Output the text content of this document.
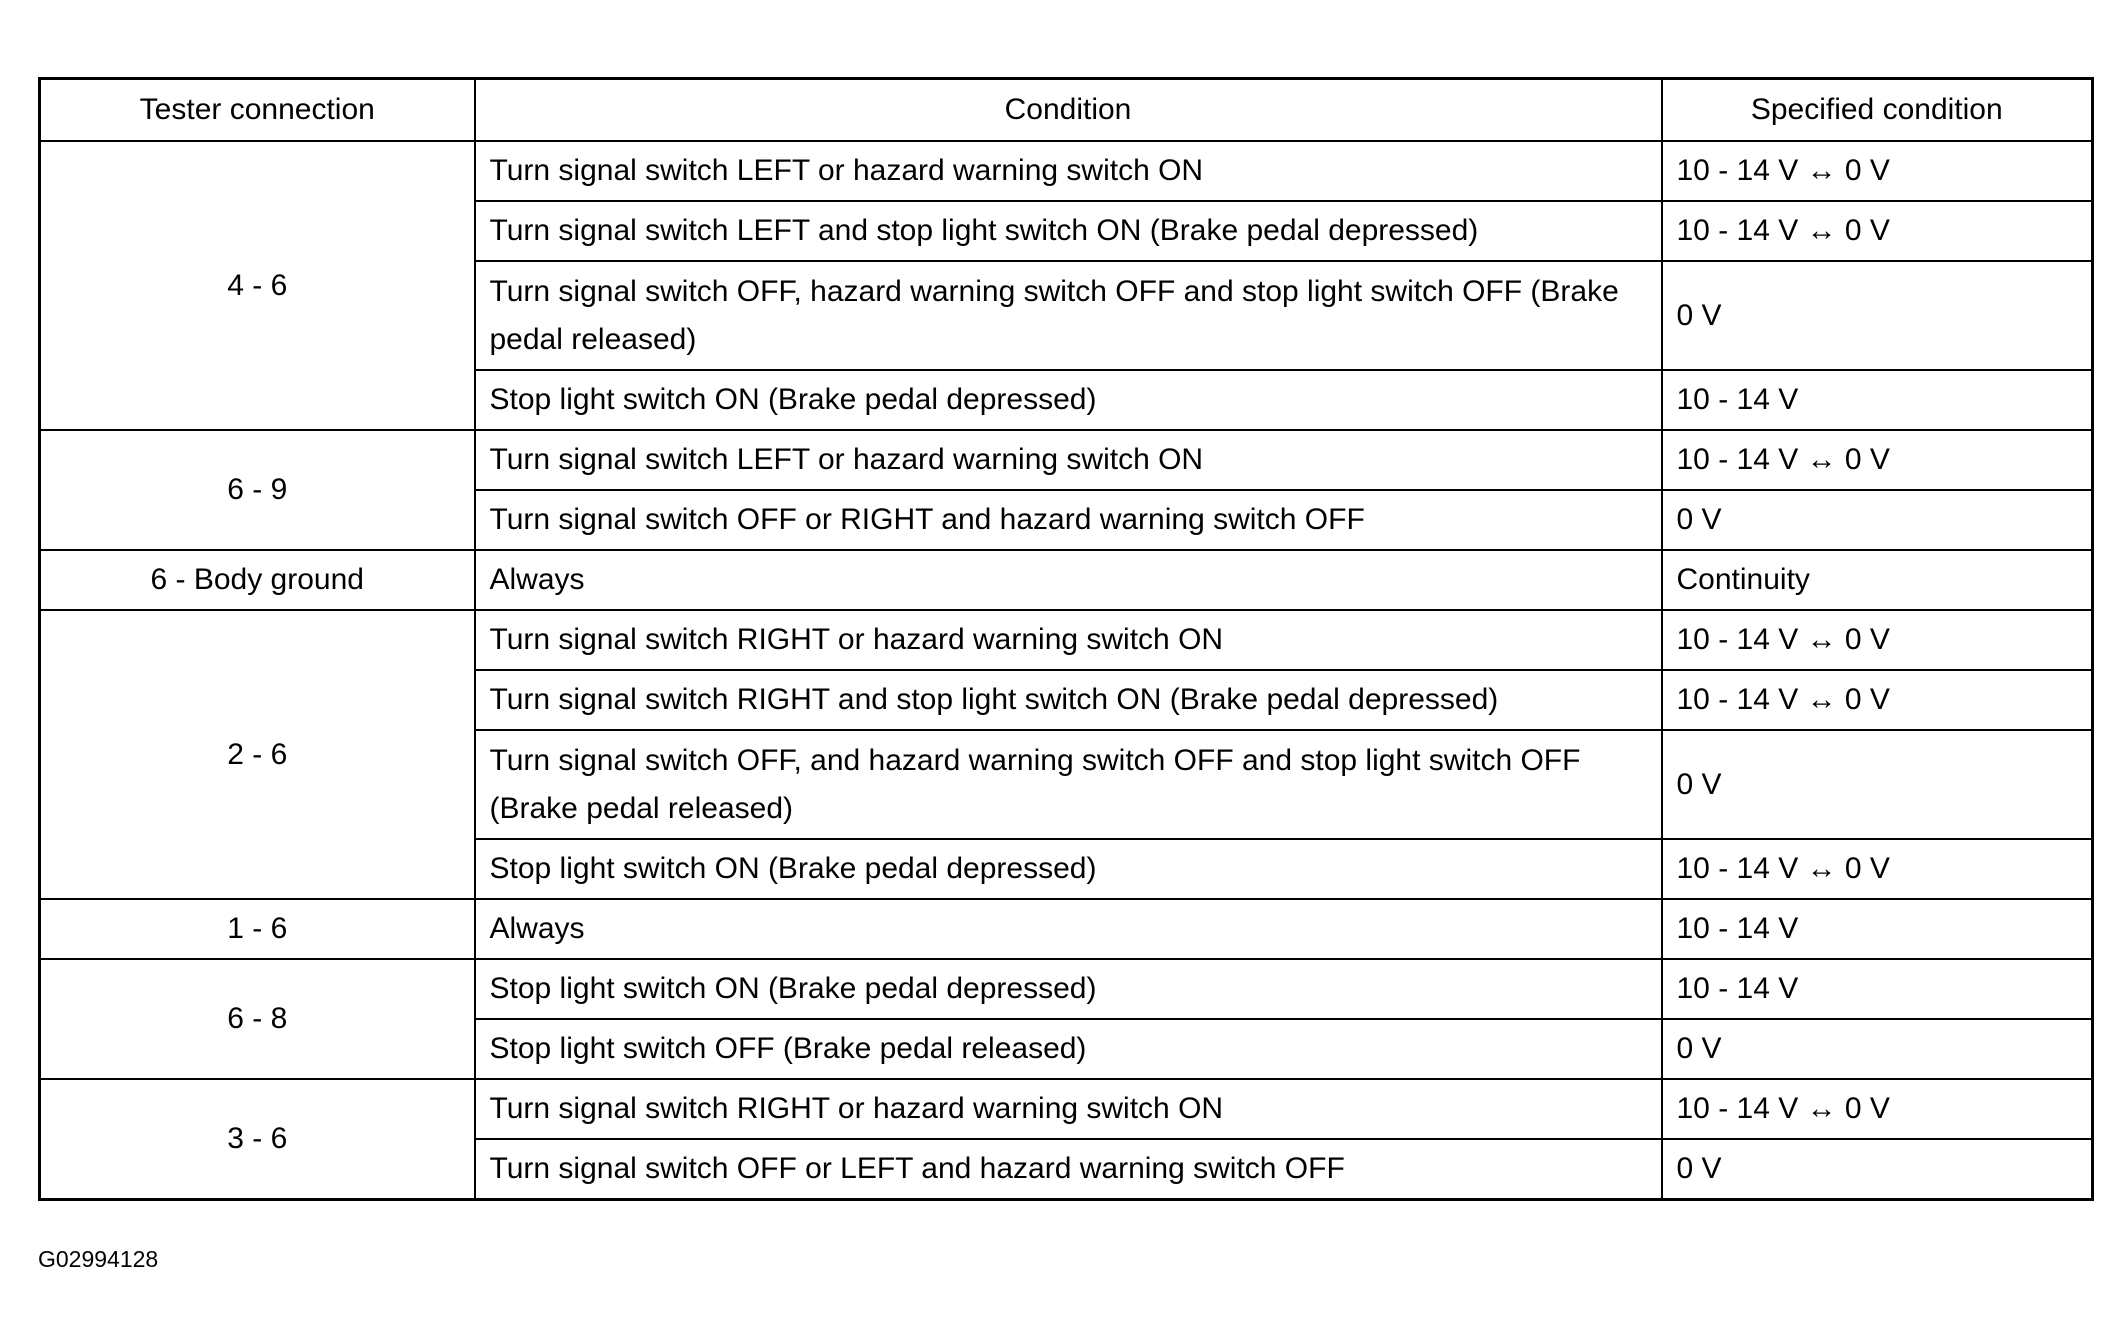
Tester connection	Condition	Specified condition
4 - 6	Turn signal switch LEFT or hazard warning switch ON	10 - 14 V ↔ 0 V
	Turn signal switch LEFT and stop light switch ON (Brake pedal depressed)	10 - 14 V ↔ 0 V
	Turn signal switch OFF, hazard warning switch OFF and stop light switch OFF (Brake pedal released)	0 V
	Stop light switch ON (Brake pedal depressed)	10 - 14 V
6 - 9	Turn signal switch LEFT or hazard warning switch ON	10 - 14 V ↔ 0 V
	Turn signal switch OFF or RIGHT and hazard warning switch OFF	0 V
6 - Body ground	Always	Continuity
2 - 6	Turn signal switch RIGHT or hazard warning switch ON	10 - 14 V ↔ 0 V
	Turn signal switch RIGHT and stop light switch ON (Brake pedal depressed)	10 - 14 V ↔ 0 V
	Turn signal switch OFF, and hazard warning switch OFF and stop light switch OFF (Brake pedal released)	0 V
	Stop light switch ON (Brake pedal depressed)	10 - 14 V ↔ 0 V
1 - 6	Always	10 - 14 V
6 - 8	Stop light switch ON (Brake pedal depressed)	10 - 14 V
	Stop light switch OFF (Brake pedal released)	0 V
3 - 6	Turn signal switch RIGHT or hazard warning switch ON	10 - 14 V ↔ 0 V
	Turn signal switch OFF or LEFT and hazard warning switch OFF	0 V
G02994128
